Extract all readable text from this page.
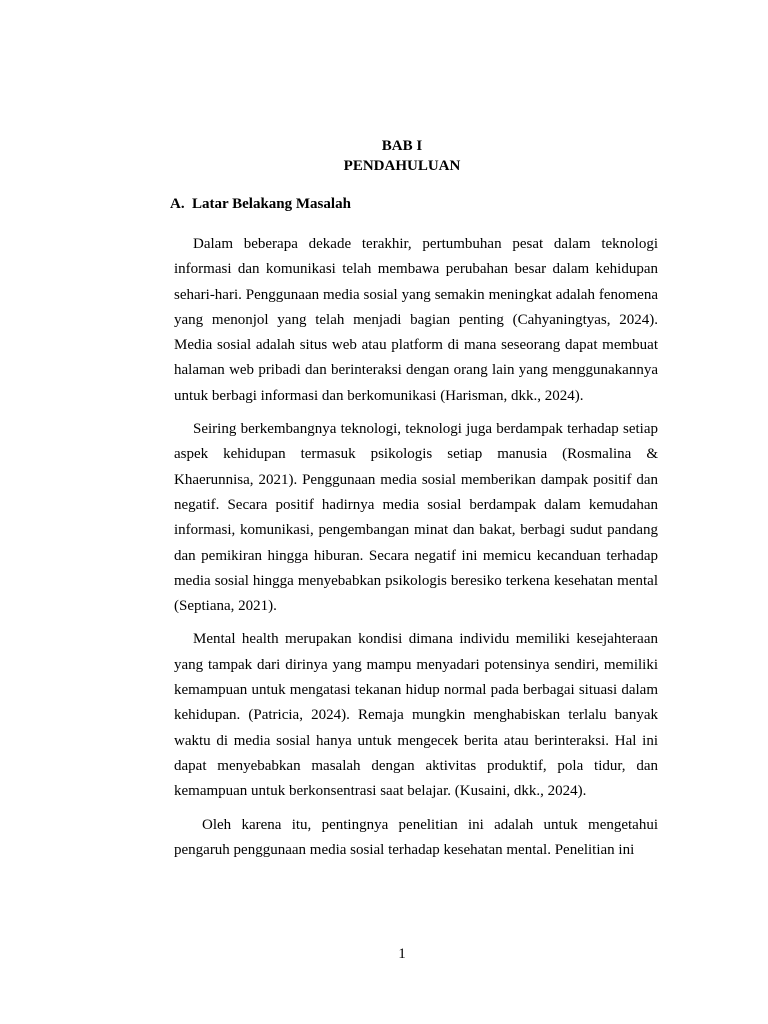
BAB I
PENDAHULUAN
A. Latar Belakang Masalah

Dalam beberapa dekade terakhir, pertumbuhan pesat dalam teknologi informasi dan komunikasi telah membawa perubahan besar dalam kehidupan sehari-hari. Penggunaan media sosial yang semakin meningkat adalah fenomena yang menonjol yang telah menjadi bagian penting (Cahyaningtyas, 2024). Media sosial adalah situs web atau platform di mana seseorang dapat membuat halaman web pribadi dan berinteraksi dengan orang lain yang menggunakannya untuk berbagi informasi dan berkomunikasi (Harisman, dkk., 2024).

Seiring berkembangnya teknologi, teknologi juga berdampak terhadap setiap aspek kehidupan termasuk psikologis setiap manusia (Rosmalina & Khaerunnisa, 2021). Penggunaan media sosial memberikan dampak positif dan negatif. Secara positif hadirnya media sosial berdampak dalam kemudahan informasi, komunikasi, pengembangan minat dan bakat, berbagi sudut pandang dan pemikiran hingga hiburan. Secara negatif ini memicu kecanduan terhadap media sosial hingga menyebabkan psikologis beresiko terkena kesehatan mental (Septiana, 2021).

Mental health merupakan kondisi dimana individu memiliki kesejahteraan yang tampak dari dirinya yang mampu menyadari potensinya sendiri, memiliki kemampuan untuk mengatasi tekanan hidup normal pada berbagai situasi dalam kehidupan. (Patricia, 2024). Remaja mungkin menghabiskan terlalu banyak waktu di media sosial hanya untuk mengecek berita atau berinteraksi. Hal ini dapat menyebabkan masalah dengan aktivitas produktif, pola tidur, dan kemampuan untuk berkonsentrasi saat belajar. (Kusaini, dkk., 2024).

Oleh karena itu, pentingnya penelitian ini adalah untuk mengetahui pengaruh penggunaan media sosial terhadap kesehatan mental. Penelitian ini

1
